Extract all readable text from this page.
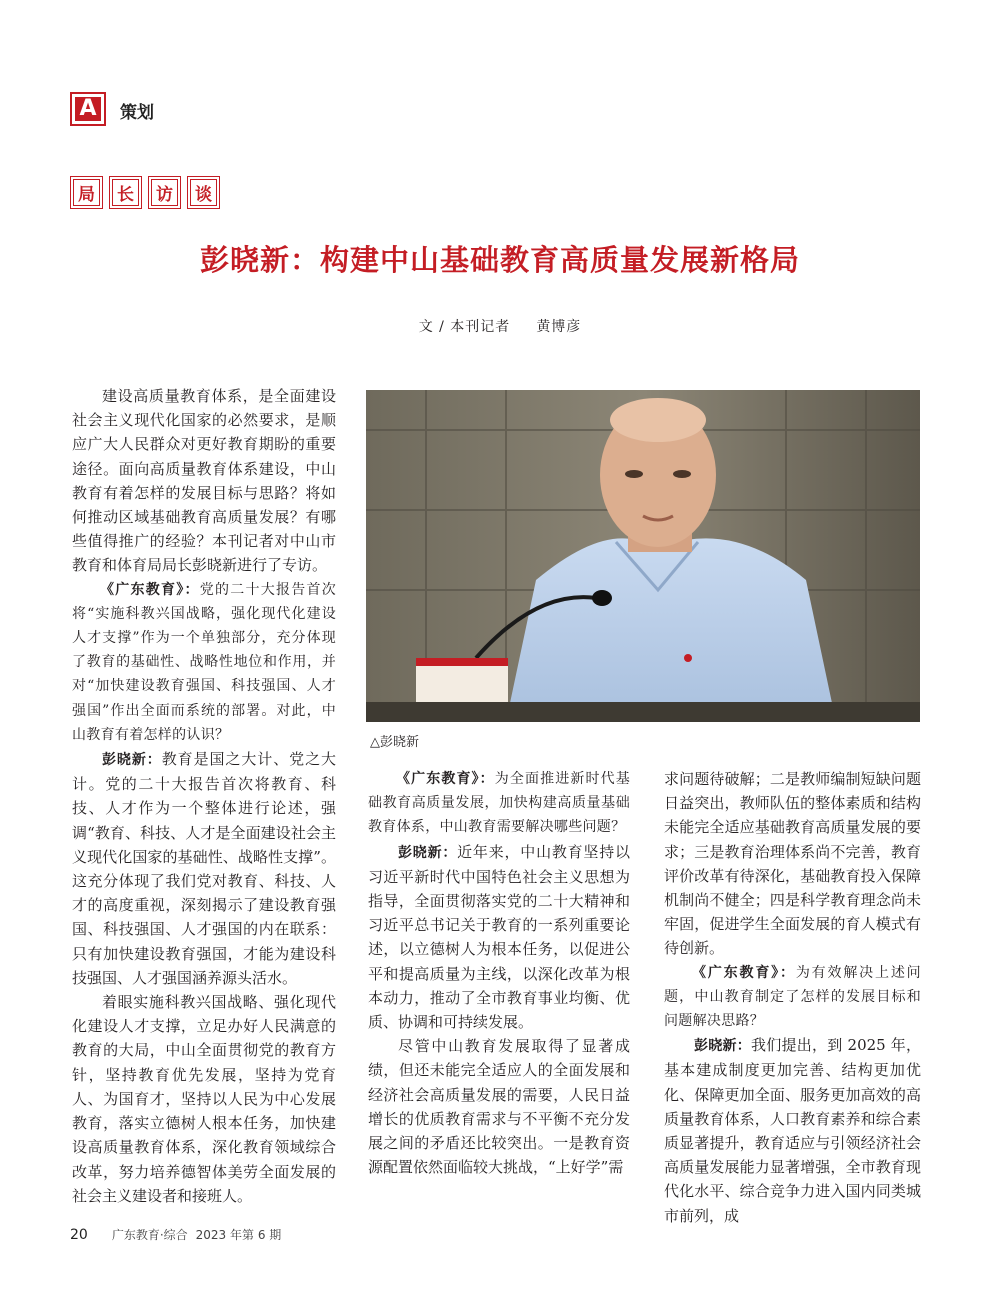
A 策划
局	长	访	谈
彭晓新：构建中山基础教育高质量发展新格局
文 / 本刊记者 黄博彦
△彭晓新

建设高质量教育体系，是全面建设社会主义现代化国家的必然要求，是顺应广大人民群众对更好教育期盼的重要途径。面向高质量教育体系建设，中山教育有着怎样的发展目标与思路？将如何推动区域基础教育高质量发展？有哪些值得推广的经验？本刊记者对中山市教育和体育局局长彭晓新进行了专访。

《广东教育》：党的二十大报告首次将“实施科教兴国战略，强化现代化建设人才支撑”作为一个单独部分，充分体现了教育的基础性、战略性地位和作用，并对“加快建设教育强国、科技强国、人才强国”作出全面而系统的部署。对此，中山教育有着怎样的认识？

彭晓新：教育是国之大计、党之大计。党的二十大报告首次将教育、科技、人才作为一个整体进行论述，强调“教育、科技、人才是全面建设社会主义现代化国家的基础性、战略性支撑”。这充分体现了我们党对教育、科技、人才的高度重视，深刻揭示了建设教育强国、科技强国、人才强国的内在联系：只有加快建设教育强国，才能为建设科技强国、人才强国涵养源头活水。

着眼实施科教兴国战略、强化现代化建设人才支撑，立足办好人民满意的教育的大局，中山全面贯彻党的教育方针，坚持教育优先发展，坚持为党育人、为国育才，坚持以人民为中心发展教育，落实立德树人根本任务，加快建设高质量教育体系，深化教育领域综合改革，努力培养德智体美劳全面发展的社会主义建设者和接班人。

《广东教育》：为全面推进新时代基础教育高质量发展，加快构建高质量基础教育体系，中山教育需要解决哪些问题？

彭晓新：近年来，中山教育坚持以习近平新时代中国特色社会主义思想为指导，全面贯彻落实党的二十大精神和习近平总书记关于教育的一系列重要论述，以立德树人为根本任务，以促进公平和提高质量为主线，以深化改革为根本动力，推动了全市教育事业均衡、优质、协调和可持续发展。

尽管中山教育发展取得了显著成绩，但还未能完全适应人的全面发展和经济社会高质量发展的需要，人民日益增长的优质教育需求与不平衡不充分发展之间的矛盾还比较突出。一是教育资源配置依然面临较大挑战，“上好学”需

求问题待破解；二是教师编制短缺问题日益突出，教师队伍的整体素质和结构未能完全适应基础教育高质量发展的要求；三是教育治理体系尚不完善，教育评价改革有待深化，基础教育投入保障机制尚不健全；四是科学教育理念尚未牢固，促进学生全面发展的育人模式有待创新。

《广东教育》：为有效解决上述问题，中山教育制定了怎样的发展目标和问题解决思路？

彭晓新：我们提出，到 2025 年，基本建成制度更加完善、结构更加优化、保障更加全面、服务更加高效的高质量教育体系，人口教育素养和综合素质显著提升，教育适应与引领经济社会高质量发展能力显著增强，全市教育现代化水平、综合竞争力进入国内同类城市前列，成

20 广东教育·综合 2023 年第 6 期
